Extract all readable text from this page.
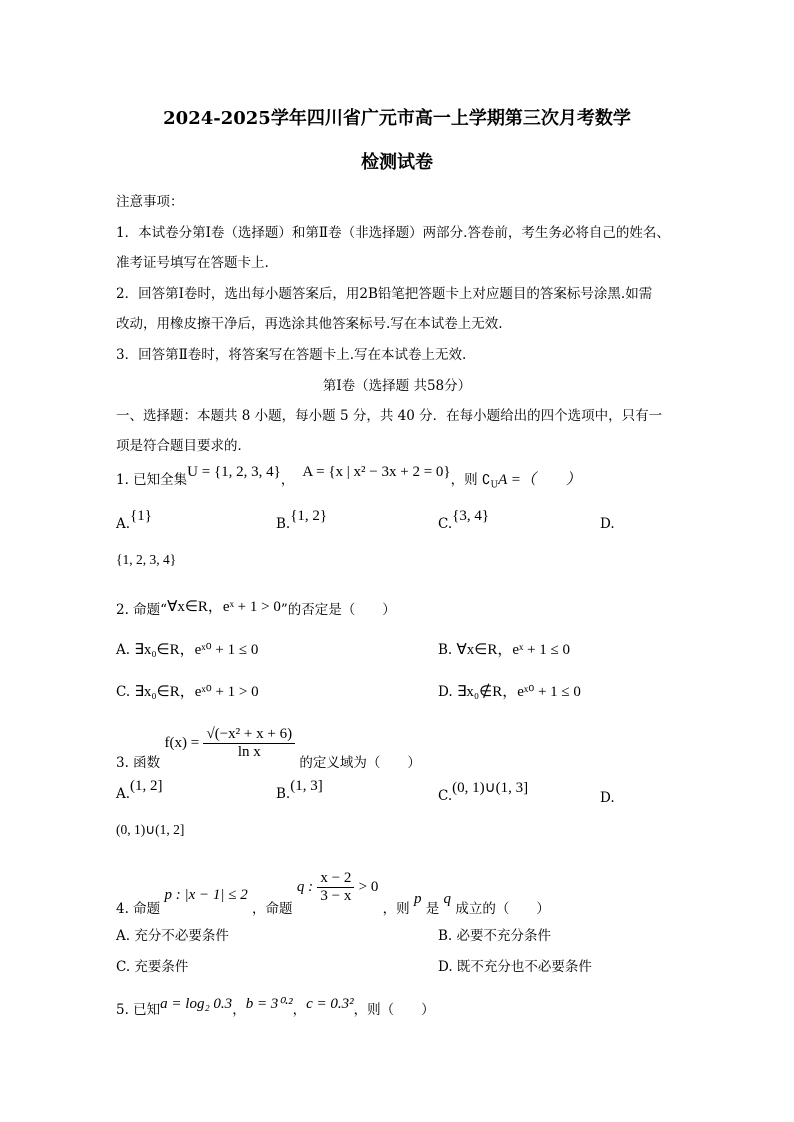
2024-2025学年四川省广元市高一上学期第三次月考数学
检测试卷
注意事项：
1．本试卷分第Ⅰ卷（选择题）和第Ⅱ卷（非选择题）两部分.答卷前，考生务必将自己的姓名、
准考证号填写在答题卡上.
2．回答第Ⅰ卷时，选出每小题答案后，用2B铅笔把答题卡上对应题目的答案标号涂黑.如需
改动，用橡皮擦干净后，再选涂其他答案标号.写在本试卷上无效.
3．回答第Ⅱ卷时，将答案写在答题卡上.写在本试卷上无效.
第Ⅰ卷（选择题 共58分）
一、选择题：本题共 8 小题，每小题 5 分，共 40 分．在每小题给出的四个选项中，只有一
项是符合题目要求的．
1. 已知全集U = {1, 2, 3, 4}， A = {x | x² − 3x + 2 = 0}，则 $∁_UA$ =（　　）
A.{1}	B.{1, 2}	C.{3, 4}	D.
{1, 2, 3, 4}
2. 命题“∀x∈R，eˣ + 1 > 0”的否定是（　　）
A. ∃x₀∈R，eˣ⁰ + 1 ≤ 0	B. ∀x∈R，eˣ + 1 ≤ 0
C. ∃x₀∈R，eˣ⁰ + 1 > 0	D. ∃x₀∉R，eˣ⁰ + 1 ≤ 0
3. 函数 $f(x) = \frac{\text{√(−x² + x + 6)}}{\text{ln x}}$
的定义域为（　　）
A.(1, 2]	B.(1, 3]
C.(0, 1)∪(1, 3]
D.
(0, 1)∪(1, 2]
4. 命题 p : |x − 1| ≤ 2 ，命题 q : $\frac{x - 2}{3 - x} > 0$ ，则 p 是 q 成立的（　　）
A. 充分不必要条件	B. 必要不充分条件
C. 充要条件	D. 既不充分也不必要条件
5. 已知a = log₂ 0.3，b = 3⁰·²，c = 0.3²，则（　　）
